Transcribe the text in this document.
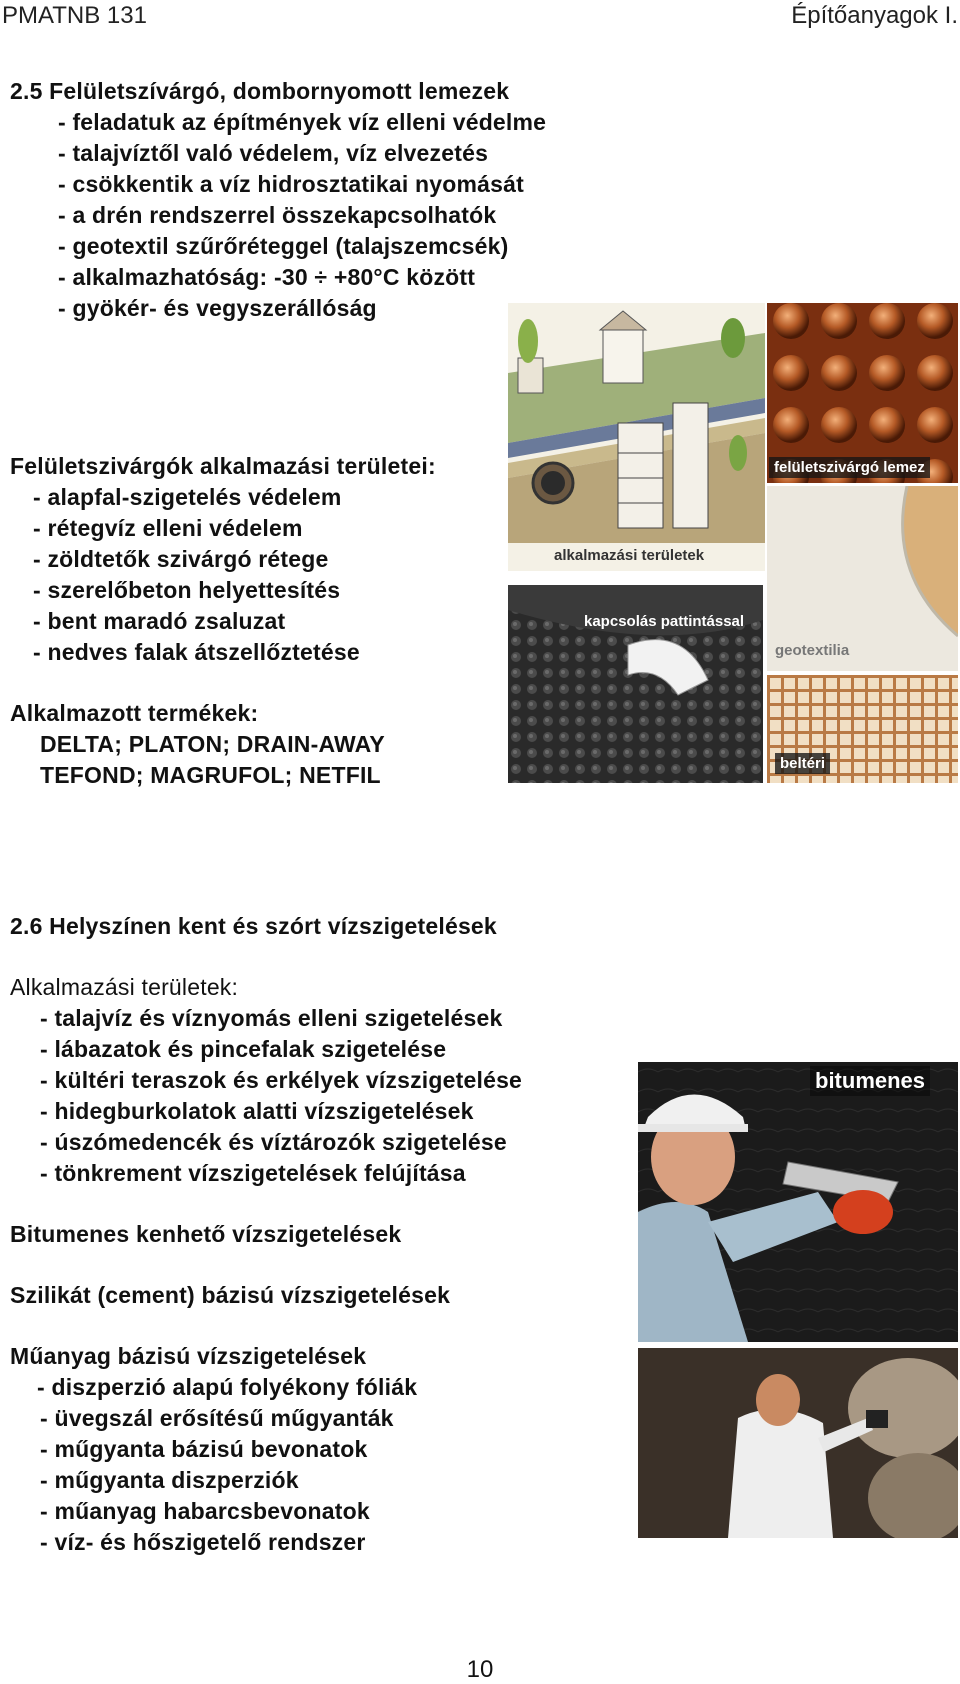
PMATNB 131	Építőanyagok I.
2.5 Felületszívárgó, dombornyomott lemezek
- feladatuk az építmények víz elleni védelme
- talajvíztől való védelem, víz elvezetés
- csökkentik a víz hidrosztatikai nyomását
- a drén rendszerrel összekapcsolhatók
- geotextil szűrőréteggel (talajszemcsék)
- alkalmazhatóság: -30 ÷ +80°C között
- gyökér- és vegyszerállóság
Felületszivárgók alkalmazási területei:
- alapfal-szigetelés védelem
- rétegvíz elleni védelem
- zöldtetők szivárgó rétege
- szerelőbeton helyettesítés
- bent maradó zsaluzat
- nedves falak átszellőztetése
Alkalmazott termékek:
DELTA; PLATON; DRAIN-AWAY
TEFOND; MAGRUFOL; NETFIL
alkalmazási területek
felületszivárgó lemez
geotextilia
beltéri
kapcsolás pattintással
2.6 Helyszínen kent és szórt vízszigetelések
Alkalmazási területek:
- talajvíz és víznyomás elleni szigetelések
- lábazatok és pincefalak szigetelése
- kültéri teraszok és erkélyek vízszigetelése
- hidegburkolatok alatti vízszigetelések
- úszómedencék és víztározók szigetelése
- tönkrement vízszigetelések felújítása
Bitumenes kenhető vízszigetelések
Szilikát (cement) bázisú vízszigetelések
Műanyag bázisú vízszigetelések
- diszperzió alapú folyékony fóliák
- üvegszál erősítésű műgyanták
- műgyanta bázisú bevonatok
- műgyanta diszperziók
- műanyag habarcsbevonatok
- víz- és hőszigetelő rendszer
bitumenes
10
